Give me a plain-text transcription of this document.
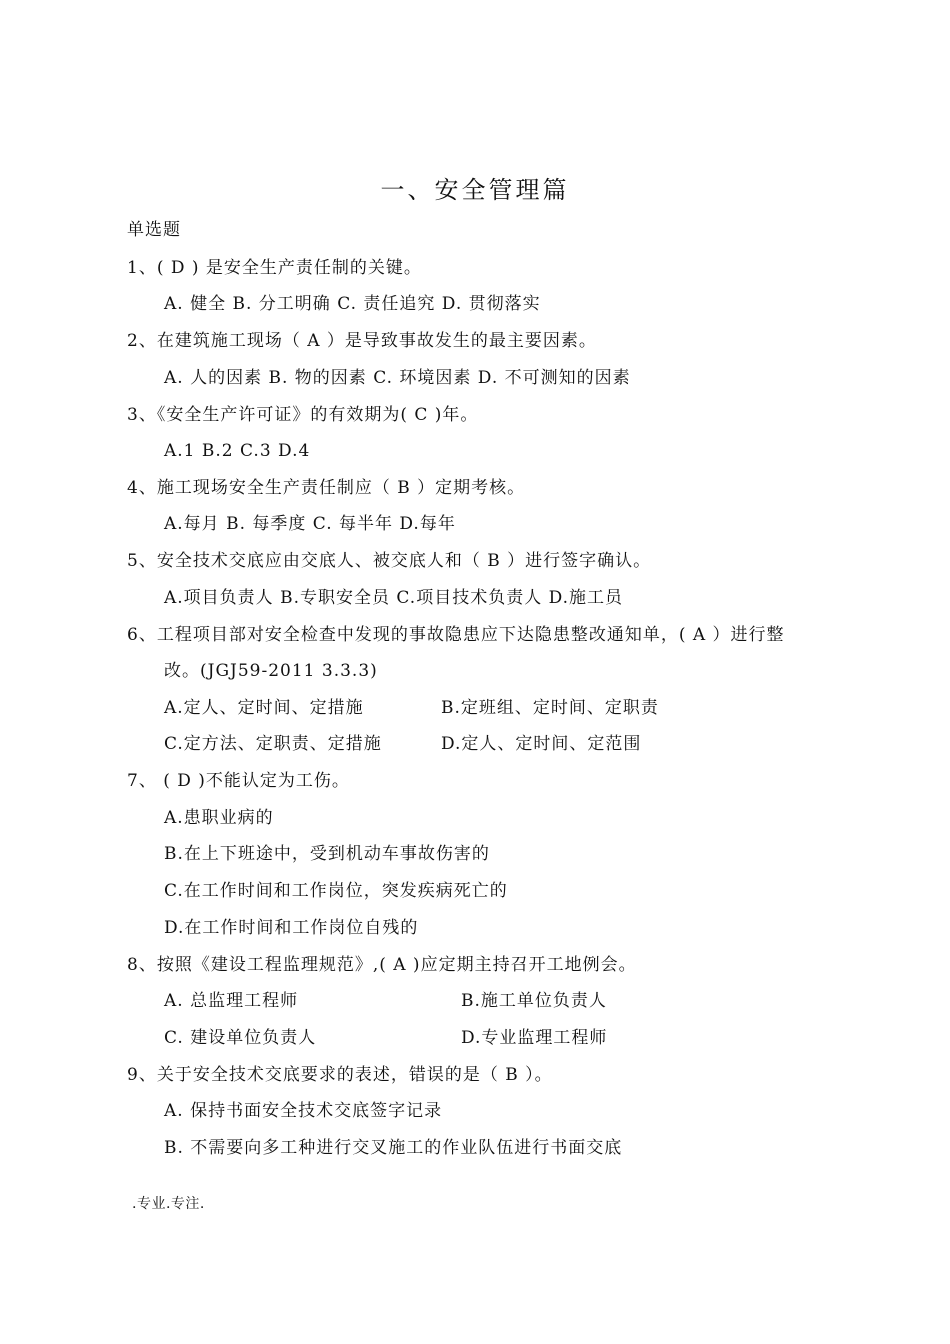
一、安全管理篇
单选题
1、( D ) 是安全生产责任制的关键。
A. 健全 B. 分工明确 C. 责任追究 D. 贯彻落实
2、在建筑施工现场（ A ）是导致事故发生的最主要因素。
A. 人的因素 B. 物的因素 C. 环境因素 D. 不可测知的因素
3、《安全生产许可证》的有效期为( C )年。
A.1 B.2 C.3 D.4
4、施工现场安全生产责任制应（ B ）定期考核。
A.每月 B. 每季度 C. 每半年 D.每年
5、安全技术交底应由交底人、被交底人和（ B ）进行签字确认。
A.项目负责人 B.专职安全员 C.项目技术负责人 D.施工员
6、工程项目部对安全检查中发现的事故隐患应下达隐患整改通知单，( A ）进行整
改。(JGJ59-2011 3.3.3)
A.定人、定时间、定措施	B.定班组、定时间、定职责
C.定方法、定职责、定措施	D.定人、定时间、定范围
7、 ( D )不能认定为工伤。
A.患职业病的
B.在上下班途中，受到机动车事故伤害的
C.在工作时间和工作岗位，突发疾病死亡的
D.在工作时间和工作岗位自残的
8、按照《建设工程监理规范》,( A )应定期主持召开工地例会。
A. 总监理工程师	B.施工单位负责人
C. 建设单位负责人	D.专业监理工程师
9、关于安全技术交底要求的表述，错误的是（ B ）。
A. 保持书面安全技术交底签字记录
B. 不需要向多工种进行交叉施工的作业队伍进行书面交底
.专业.专注.
